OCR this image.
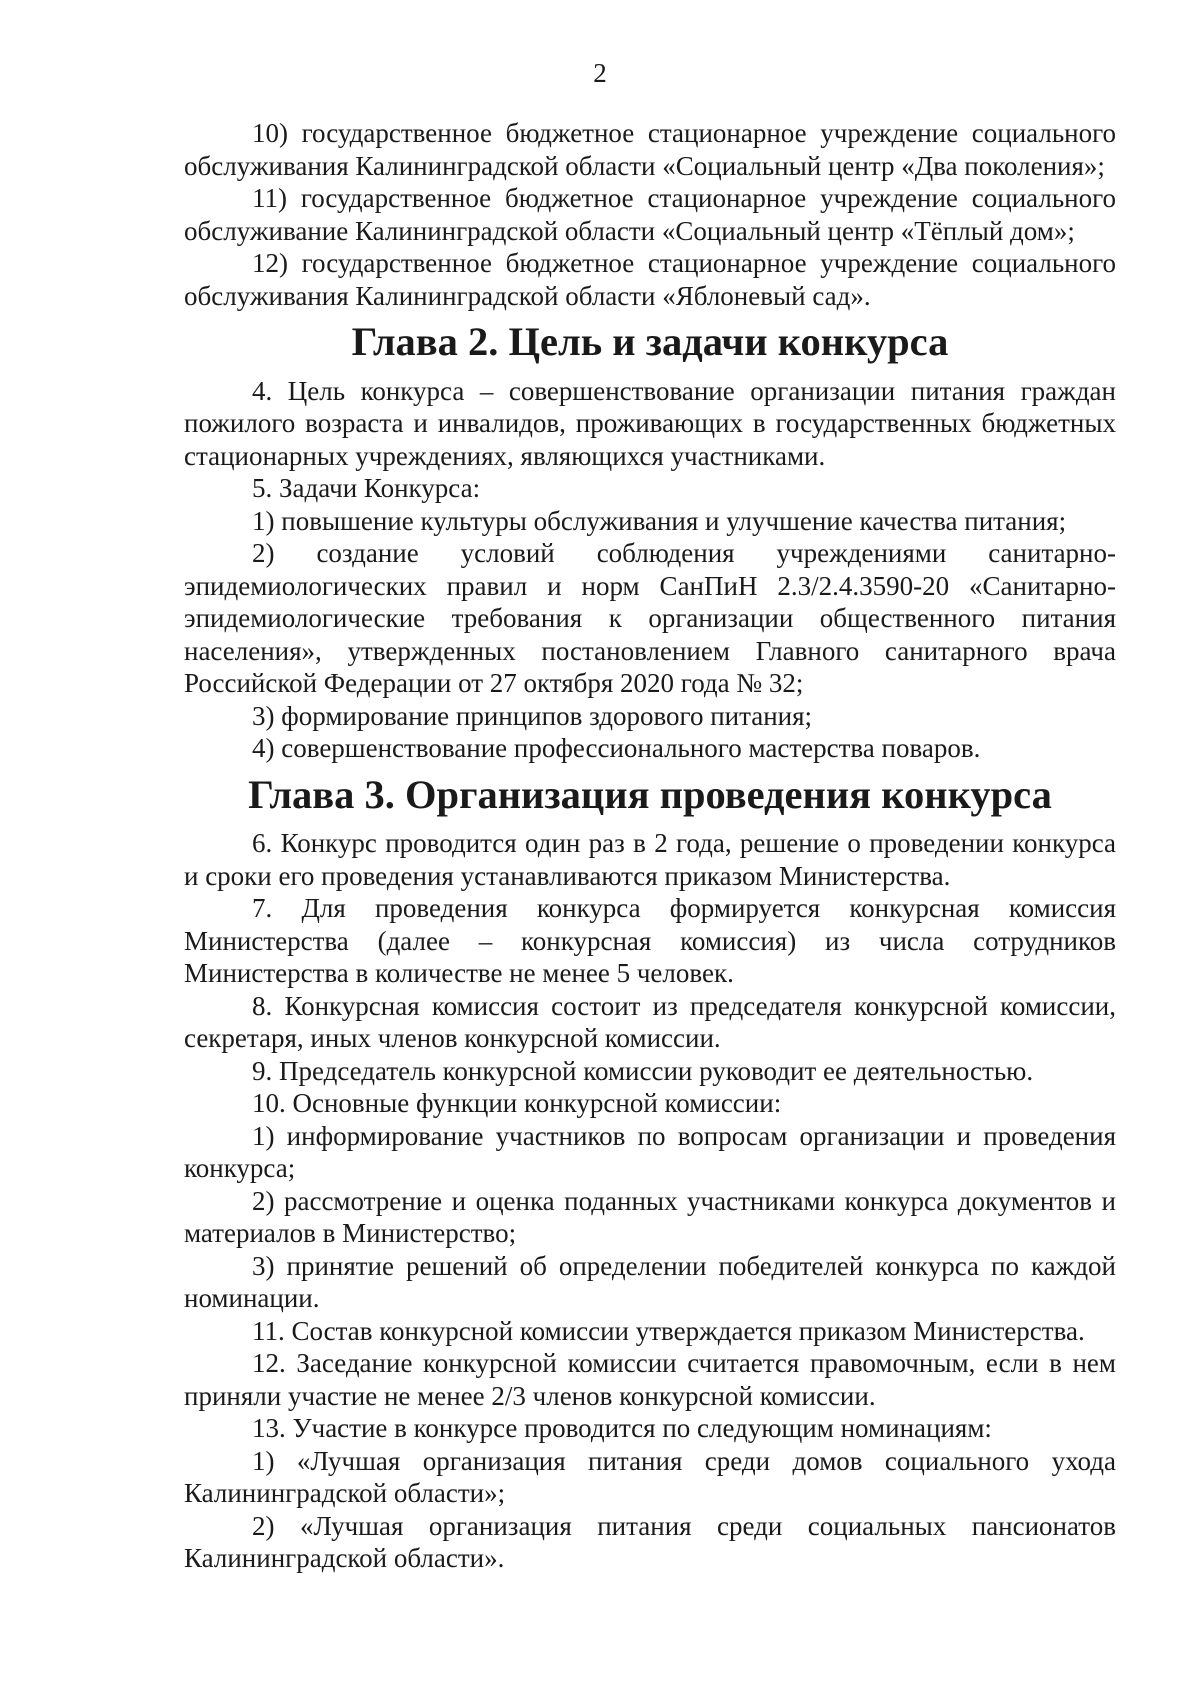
2

10) государственное бюджетное стационарное учреждение социального обслуживания Калининградской области «Социальный центр «Два поколения»;

11) государственное бюджетное стационарное учреждение социального обслуживание Калининградской области «Социальный центр «Тёплый дом»;

12) государственное бюджетное стационарное учреждение социального обслуживания Калининградской области «Яблоневый сад».

Глава 2. Цель и задачи конкурса

4. Цель конкурса – совершенствование организации питания граждан пожилого возраста и инвалидов, проживающих в государственных бюджетных стационарных учреждениях, являющихся участниками.

5. Задачи Конкурса:

1) повышение культуры обслуживания и улучшение качества питания;

2) создание условий соблюдения учреждениями санитарно-эпидемиологических правил и норм СанПиН 2.3/2.4.3590-20 «Санитарно-эпидемиологические требования к организации общественного питания населения», утвержденных постановлением Главного санитарного врача Российской Федерации от 27 октября 2020 года № 32;

3) формирование принципов здорового питания;

4) совершенствование профессионального мастерства поваров.

Глава 3. Организация проведения конкурса

6. Конкурс проводится один раз в 2 года, решение о проведении конкурса и сроки его проведения устанавливаются приказом Министерства.

7. Для проведения конкурса формируется конкурсная комиссия Министерства (далее – конкурсная комиссия) из числа сотрудников Министерства в количестве не менее 5 человек.

8. Конкурсная комиссия состоит из председателя конкурсной комиссии, секретаря, иных членов конкурсной комиссии.

9. Председатель конкурсной комиссии руководит ее деятельностью.

10. Основные функции конкурсной комиссии:

1) информирование участников по вопросам организации и проведения конкурса;

2) рассмотрение и оценка поданных участниками конкурса документов и материалов в Министерство;

3) принятие решений об определении победителей конкурса по каждой номинации.

11. Состав конкурсной комиссии утверждается приказом Министерства.

12. Заседание конкурсной комиссии считается правомочным, если в нем приняли участие не менее 2/3 членов конкурсной комиссии.

13. Участие в конкурсе проводится по следующим номинациям:

1) «Лучшая организация питания среди домов социального ухода Калининградской области»;

2) «Лучшая организация питания среди социальных пансионатов Калининградской области».
